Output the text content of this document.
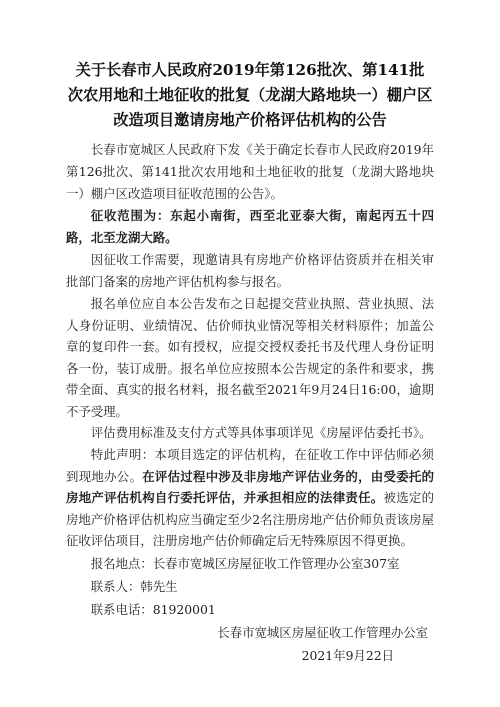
关于长春市人民政府2019年第126批次、第141批
次农用地和土地征收的批复（龙湖大路地块一）棚户区
改造项目邀请房地产价格评估机构的公告

长春市宽城区人民政府下发《关于确定长春市人民政府2019年第126批次、第141批次农用地和土地征收的批复（龙湖大路地块一）棚户区改造项目征收范围的公告》。

征收范围为：东起小南街，西至北亚泰大街，南起丙五十四路，北至龙湖大路。

因征收工作需要，现邀请具有房地产价格评估资质并在相关审批部门备案的房地产评估机构参与报名。

报名单位应自本公告发布之日起提交营业执照、营业执照、法人身份证明、业绩情况、估价师执业情况等相关材料原件；加盖公章的复印件一套。如有授权，应提交授权委托书及代理人身份证明各一份，装订成册。报名单位应按照本公告规定的条件和要求，携带全面、真实的报名材料，报名截至2021年9月24日16:00，逾期不予受理。

评估费用标准及支付方式等具体事项详见《房屋评估委托书》。

特此声明：本项目选定的评估机构，在征收工作中评估师必须到现地办公。在评估过程中涉及非房地产评估业务的，由受委托的房地产评估机构自行委托评估，并承担相应的法律责任。被选定的房地产价格评估机构应当确定至少2名注册房地产估价师负责该房屋征收评估项目，注册房地产估价师确定后无特殊原因不得更换。

报名地点：长春市宽城区房屋征收工作管理办公室307室

联系人：韩先生

联系电话：81920001

长春市宽城区房屋征收工作管理办公室

2021年9月22日
